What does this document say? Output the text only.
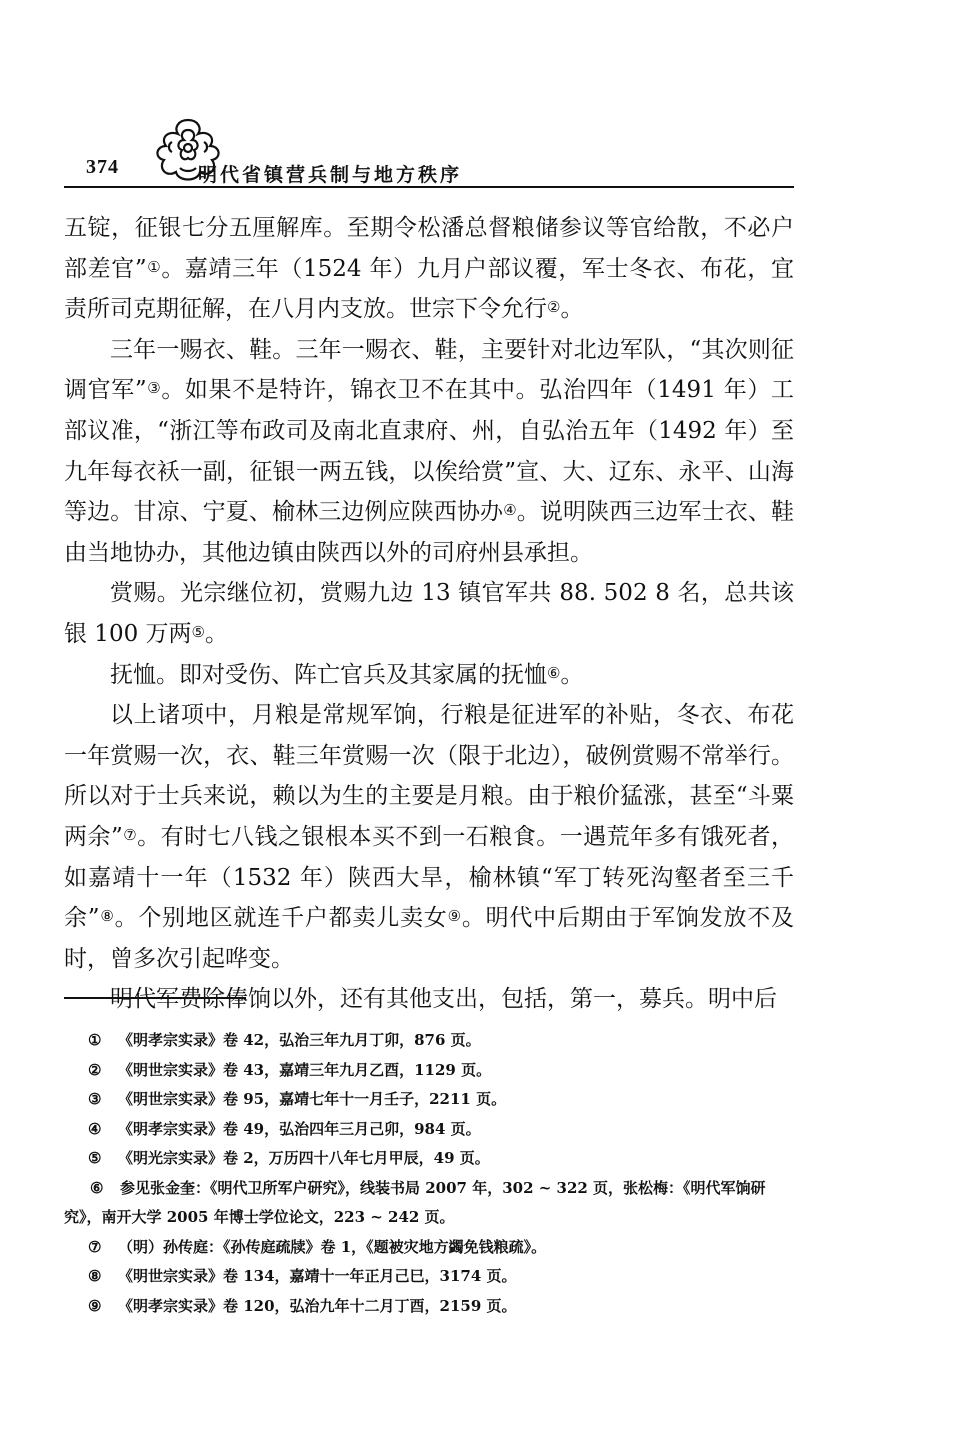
374	明代省镇营兵制与地方秩序

五锭，征银七分五厘解库。至期令松潘总督粮储参议等官给散，不必户部差官”①。嘉靖三年（1524 年）九月户部议覆，军士冬衣、布花，宜责所司克期征解，在八月内支放。世宗下令允行②。

三年一赐衣、鞋。三年一赐衣、鞋，主要针对北边军队，“其次则征调官军”③。如果不是特许，锦衣卫不在其中。弘治四年（1491 年）工部议准，“浙江等布政司及南北直隶府、州，自弘治五年（1492 年）至九年每衣袄一副，征银一两五钱，以俟给赏”宣、大、辽东、永平、山海等边。甘凉、宁夏、榆林三边例应陕西协办④。说明陕西三边军士衣、鞋由当地协办，其他边镇由陕西以外的司府州县承担。

赏赐。光宗继位初，赏赐九边 13 镇官军共 88. 502 8 名，总共该银 100 万两⑤。

抚恤。即对受伤、阵亡官兵及其家属的抚恤⑥。

以上诸项中，月粮是常规军饷，行粮是征进军的补贴，冬衣、布花一年赏赐一次，衣、鞋三年赏赐一次（限于北边），破例赏赐不常举行。所以对于士兵来说，赖以为生的主要是月粮。由于粮价猛涨，甚至“斗粟两余”⑦。有时七八钱之银根本买不到一石粮食。一遇荒年多有饿死者，如嘉靖十一年（1532 年）陕西大旱，榆林镇“军丁转死沟壑者至三千余”⑧。个别地区就连千户都卖儿卖女⑨。明代中后期由于军饷发放不及时，曾多次引起哗变。

明代军费除俸饷以外，还有其他支出，包括，第一，募兵。明中后

① 《明孝宗实录》卷 42，弘治三年九月丁卯，876 页。

② 《明世宗实录》卷 43，嘉靖三年九月乙酉，1129 页。

③ 《明世宗实录》卷 95，嘉靖七年十一月壬子，2211 页。

④ 《明孝宗实录》卷 49，弘治四年三月己卯，984 页。

⑤ 《明光宗实录》卷 2，万历四十八年七月甲辰，49 页。

⑥ 参见张金奎：《明代卫所军户研究》，线装书局 2007 年，302 ~ 322 页，张松梅：《明代军饷研究》，南开大学 2005 年博士学位论文，223 ~ 242 页。

⑦ （明）孙传庭：《孙传庭疏牍》卷 1，《题被灾地方蠲免钱粮疏》。

⑧ 《明世宗实录》卷 134，嘉靖十一年正月己巳，3174 页。

⑨ 《明孝宗实录》卷 120，弘治九年十二月丁酉，2159 页。
